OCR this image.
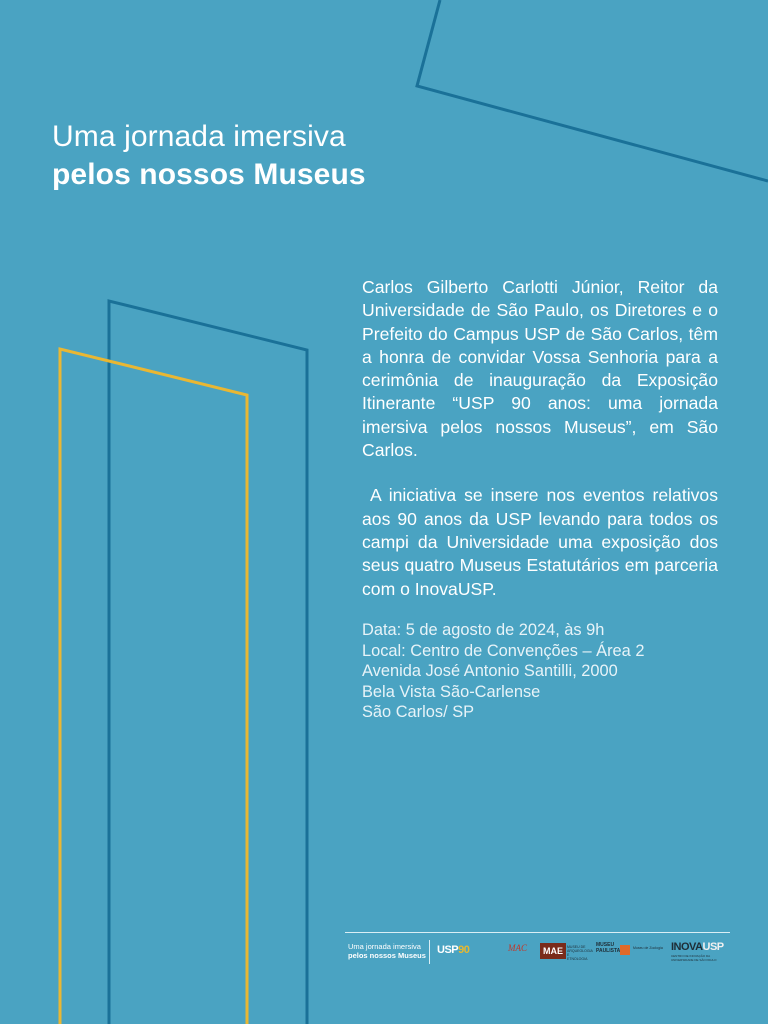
Uma jornada imersiva
pelos nossos Museus

Carlos Gilberto Carlotti Júnior, Reitor da Universidade de São Paulo, os Diretores e o Prefeito do Campus USP de São Carlos, têm a honra de convidar Vossa Senhoria para a cerimônia de inauguração da Exposição Itinerante “USP 90 anos: uma jornada imersiva pelos nossos Museus”, em São Carlos.

A iniciativa se insere nos eventos relativos aos 90 anos da USP levando para todos os campi da Universidade uma exposição dos seus quatro Museus Estatutários em parceria com o InovaUSP.

Data: 5 de agosto de 2024, às 9h
Local: Centro de Convenções – Área 2
Avenida José Antonio Santilli, 2000
Bela Vista São-Carlense
São Carlos/ SP
Uma jornada imersiva
pelos nossos Museus USP90	MAC	MAE	MUSEU DE ARQUEOLOGIA E ETNOLOGIA
MUSEU PAULISTA	Museu de Zoologia INOVAUSP
CENTRO DE INOVAÇÃO DA UNIVERSIDADE DE SÃO PAULO
